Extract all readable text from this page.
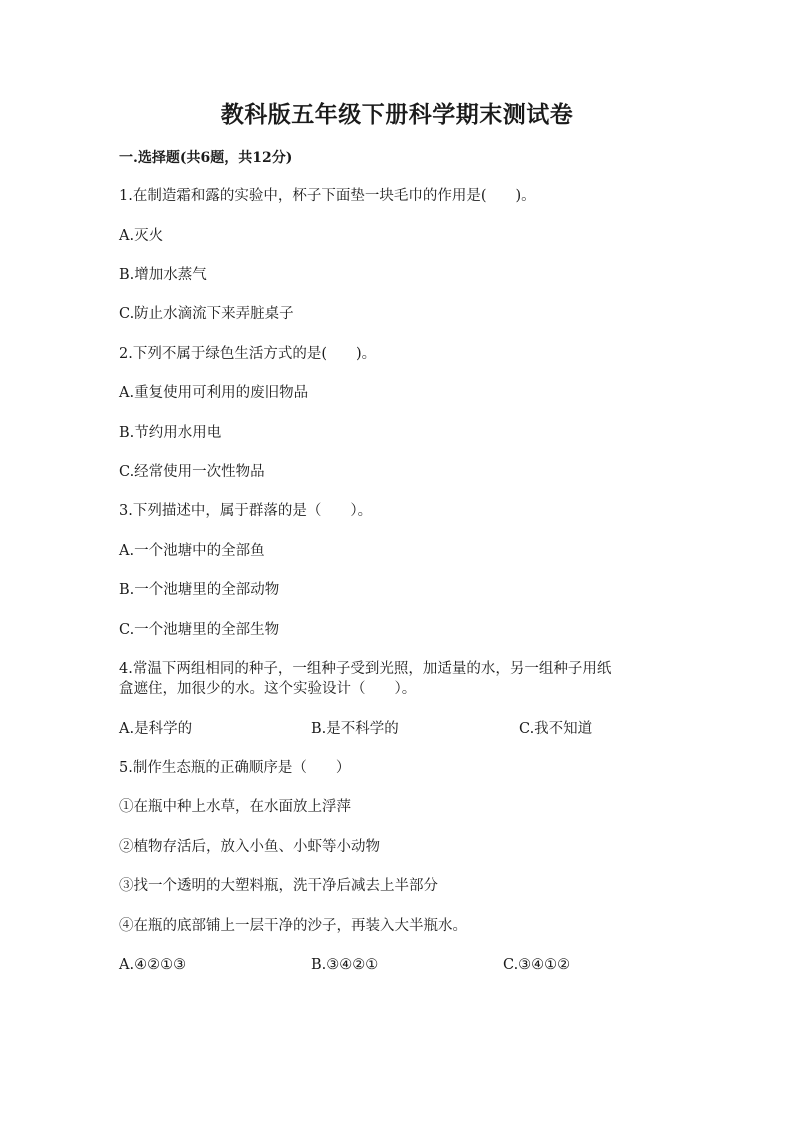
教科版五年级下册科学期末测试卷
一.选择题(共6题，共12分)
1.在制造霜和露的实验中，杯子下面垫一块毛巾的作用是(　　)。
A.灭火
B.增加水蒸气
C.防止水滴流下来弄脏桌子
2.下列不属于绿色生活方式的是(　　)。
A.重复使用可利用的废旧物品
B.节约用水用电
C.经常使用一次性物品
3.下列描述中，属于群落的是（　　）。
A.一个池塘中的全部鱼
B.一个池塘里的全部动物
C.一个池塘里的全部生物
4.常温下两组相同的种子，一组种子受到光照，加适量的水，另一组种子用纸
盒遮住，加很少的水。这个实验设计（　　）。
A.是科学的	B.是不科学的	C.我不知道
5.制作生态瓶的正确顺序是（　　）
①在瓶中种上水草，在水面放上浮萍
②植物存活后，放入小鱼、小虾等小动物
③找一个透明的大塑料瓶，洗干净后减去上半部分
④在瓶的底部铺上一层干净的沙子，再装入大半瓶水。
A.④②①③	B.③④②①	C.③④①②
